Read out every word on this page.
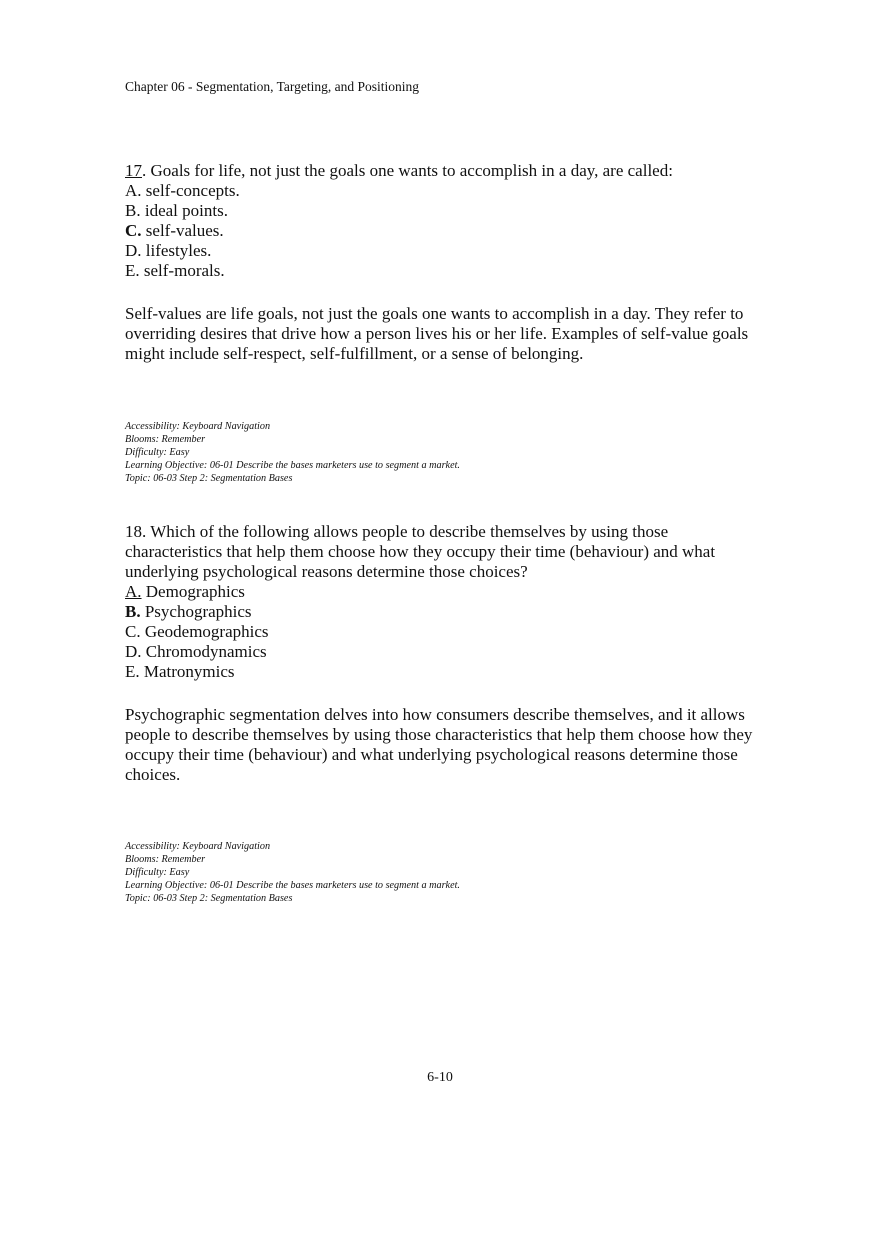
Chapter 06 - Segmentation, Targeting, and Positioning

17. Goals for life, not just the goals one wants to accomplish in a day, are called:

A. self-concepts.
B. ideal points.
C. self-values.
D. lifestyles.
E. self-morals.

Self-values are life goals, not just the goals one wants to accomplish in a day. They refer to overriding desires that drive how a person lives his or her life. Examples of self-value goals might include self-respect, self-fulfillment, or a sense of belonging.

Accessibility: Keyboard Navigation
Blooms: Remember
Difficulty: Easy
Learning Objective: 06-01 Describe the bases marketers use to segment a market.
Topic: 06-03 Step 2: Segmentation Bases

18. Which of the following allows people to describe themselves by using those characteristics that help them choose how they occupy their time (behaviour) and what underlying psychological reasons determine those choices?

A. Demographics
B. Psychographics
C. Geodemographics
D. Chromodynamics
E. Matronymics

Psychographic segmentation delves into how consumers describe themselves, and it allows people to describe themselves by using those characteristics that help them choose how they occupy their time (behaviour) and what underlying psychological reasons determine those choices.

Accessibility: Keyboard Navigation
Blooms: Remember
Difficulty: Easy
Learning Objective: 06-01 Describe the bases marketers use to segment a market.
Topic: 06-03 Step 2: Segmentation Bases
6-10
